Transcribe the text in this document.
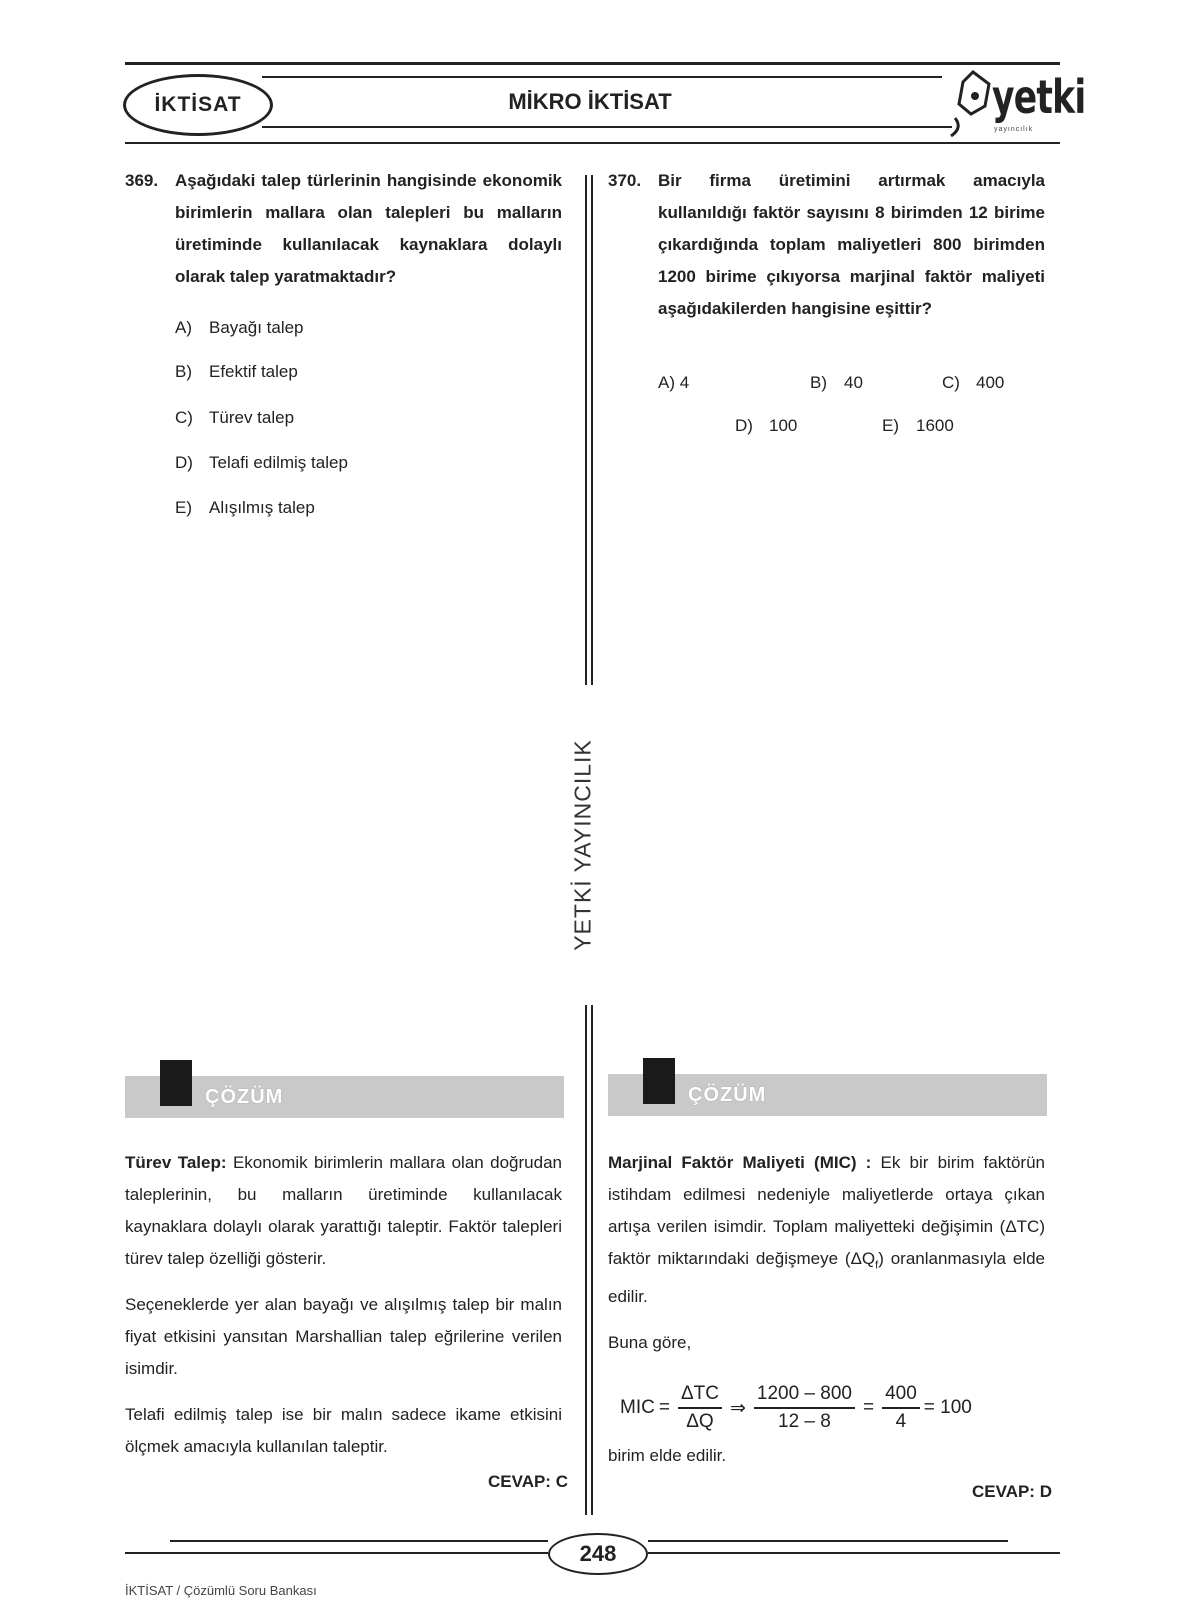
İKTİSAT	MİKRO İKTİSAT	yetki
yayıncılık
YETKİ YAYINCILIK
369. Aşağıdaki talep türlerinin hangisinde ekonomik birimlerin mallara olan talepleri bu malların üretiminde kullanılacak kaynaklara dolaylı olarak talep yaratmaktadır?
A) Bayağı talep
B) Efektif talep
C) Türev talep
D) Telafi edilmiş talep
E) Alışılmış talep
370. Bir firma üretimini artırmak amacıyla kullanıldığı faktör sayısını 8 birimden 12 birime çıkardığında toplam maliyetleri 800 birimden 1200 birime çıkıyorsa marjinal faktör maliyeti aşağıdakilerden hangisine eşittir?
A) 4	B) 40	C) 400
D) 100	E) 1600
ÇÖZÜM	ÇÖZÜM

Türev Talep: Ekonomik birimlerin mallara olan doğrudan taleplerinin, bu malların üretiminde kullanılacak kaynaklara dolaylı olarak yarattığı taleptir. Faktör talepleri türev talep özelliği gösterir.

Seçeneklerde yer alan bayağı ve alışılmış talep bir malın fiyat etkisini yansıtan Marshallian talep eğrilerine verilen isimdir.

Telafi edilmiş talep ise bir malın sadece ikame etkisini ölçmek amacıyla kullanılan taleptir.

CEVAP: C

Marjinal Faktör Maliyeti (MIC) : Ek bir birim faktörün istihdam edilmesi nedeniyle maliyetlerde ortaya çıkan artışa verilen isimdir. Toplam maliyetteki değişimin (ΔTC) faktör miktarındaki değişmeye $(\Delta Q_f)$ oranlanmasıyla elde edilir.

Buna göre,

MIC = $\frac{\text{ΔTC}}{\Delta Q}$ ⇒ $\frac{1200 - 800}{12 - 8} = \frac{400}{4} = 100$
birim elde edilir.
CEVAP: D
248
İKTİSAT / Çözümlü Soru Bankası
